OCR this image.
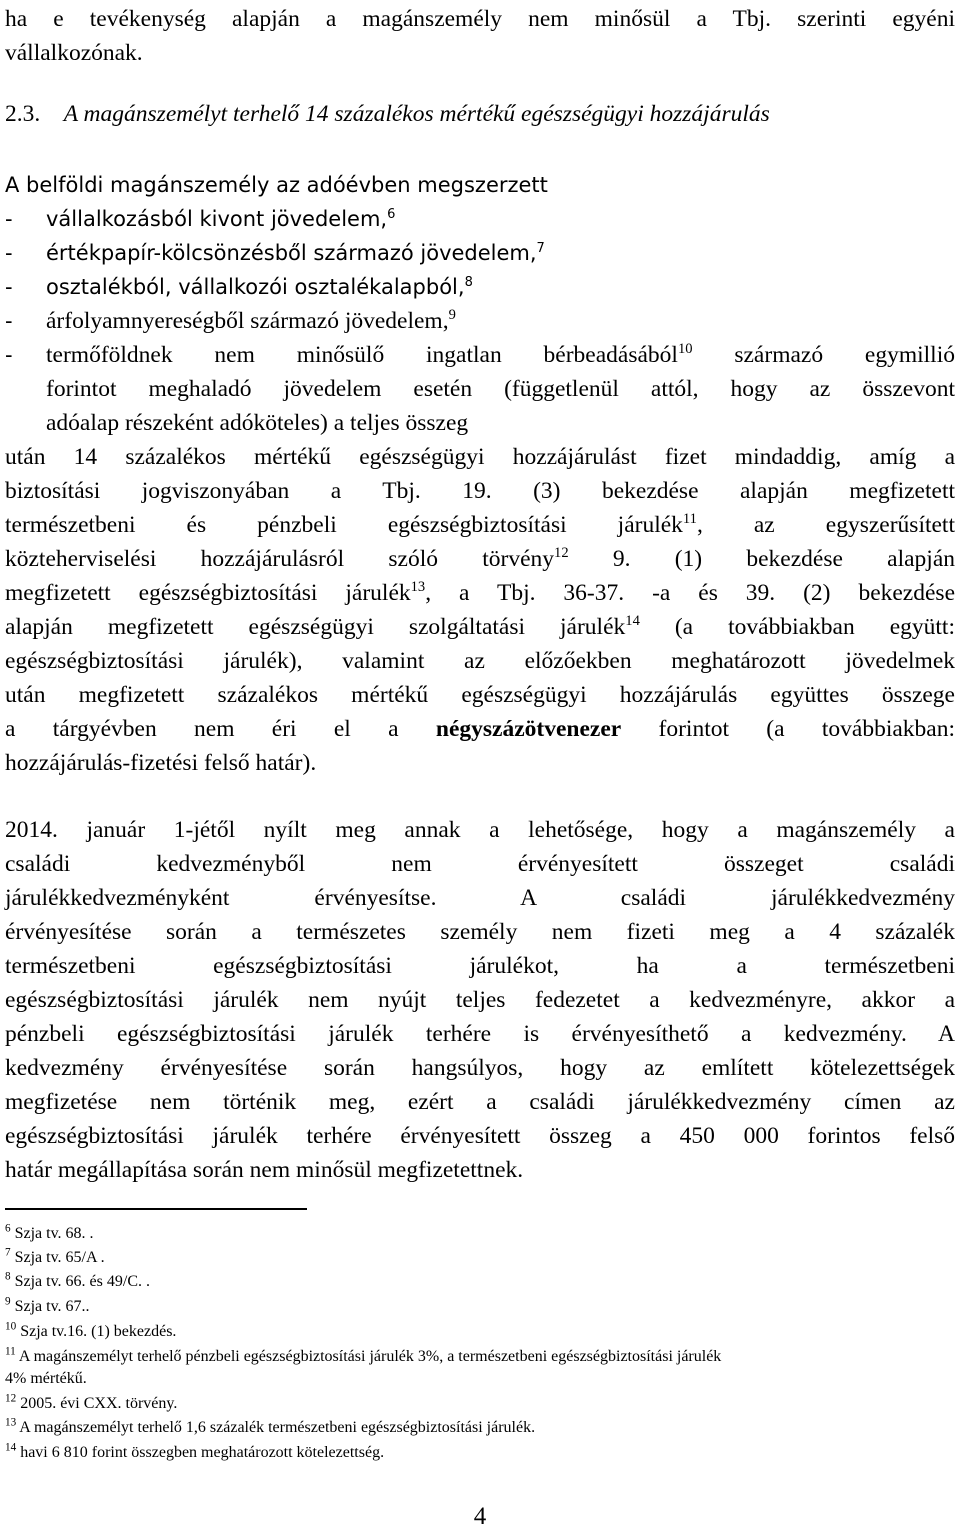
ha e tevékenység alapján a magánszemély nem minősül a Tbj. szerinti egyéni
vállalkozónak.
2.3. A magánszemélyt terhelő 14 százalékos mértékű egészségügyi hozzájárulás
A belföldi magánszemély az adóévben megszerzett
- vállalkozásból kivont jövedelem,$^6$
- értékpapír-kölcsönzésből származó jövedelem,$^7$
- osztalékból, vállalkozói osztalékalapból,$^8$
- árfolyamnyereségből származó jövedelem,$^9$
- termőföldnek nem minősülő ingatlan bérbeadásából$^{10}$ származó egymillió
forintot meghaladó jövedelem esetén (függetlenül attól, hogy az összevont
adóalap részeként adóköteles) a teljes összeg
után 14 százalékos mértékű egészségügyi hozzájárulást fizet mindaddig, amíg a
biztosítási jogviszonyában a Tbj. 19. (3) bekezdése alapján megfizetett
természetbeni és pénzbeli egészségbiztosítási járulék$^{11}$, az egyszerűsített
közteherviselési hozzájárulásról szóló törvény$^{12}$ 9. (1) bekezdése alapján
megfizetett egészségbiztosítási járulék$^{13}$, a Tbj. 36-37. -a és 39. (2) bekezdése
alapján megfizetett egészségügyi szolgáltatási járulék$^{14}$ (a továbbiakban együtt:
egészségbiztosítási járulék), valamint az előzőekben meghatározott jövedelmek
után megfizetett százalékos mértékű egészségügyi hozzájárulás együttes összege
a tárgyévben nem éri el a négyszázötvenezer forintot (a továbbiakban:
hozzájárulás-fizetési felső határ).
2014. január 1-jétől nyílt meg annak a lehetősége, hogy a magánszemély a
családi kedvezményből nem érvényesített összeget családi
járulékkedvezményként érvényesítse. A családi járulékkedvezmény
érvényesítése során a természetes személy nem fizeti meg a 4 százalék
természetbeni egészségbiztosítási járulékot, ha a természetbeni
egészségbiztosítási járulék nem nyújt teljes fedezetet a kedvezményre, akkor a
pénzbeli egészségbiztosítási járulék terhére is érvényesíthető a kedvezmény. A
kedvezmény érvényesítése során hangsúlyos, hogy az említett kötelezettségek
megfizetése nem történik meg, ezért a családi járulékkedvezmény címen az
egészségbiztosítási járulék terhére érvényesített összeg a 450 000 forintos felső
határ megállapítása során nem minősül megfizetettnek.
$^6$ Szja tv. 68. .
$^7$ Szja tv. 65/A .
$^8$ Szja tv. 66. és 49/C. .
$^9$ Szja tv. 67..
$^{10}$ Szja tv.16. (1) bekezdés.
$^{11}$ A magánszemélyt terhelő pénzbeli egészségbiztosítási járulék 3%, a természetbeni egészségbiztosítási járulék
4% mértékű.
$^{12}$ 2005. évi CXX. törvény.
$^{13}$ A magánszemélyt terhelő 1,6 százalék természetbeni egészségbiztosítási járulék.
$^{14}$ havi 6 810 forint összegben meghatározott kötelezettség.
4
